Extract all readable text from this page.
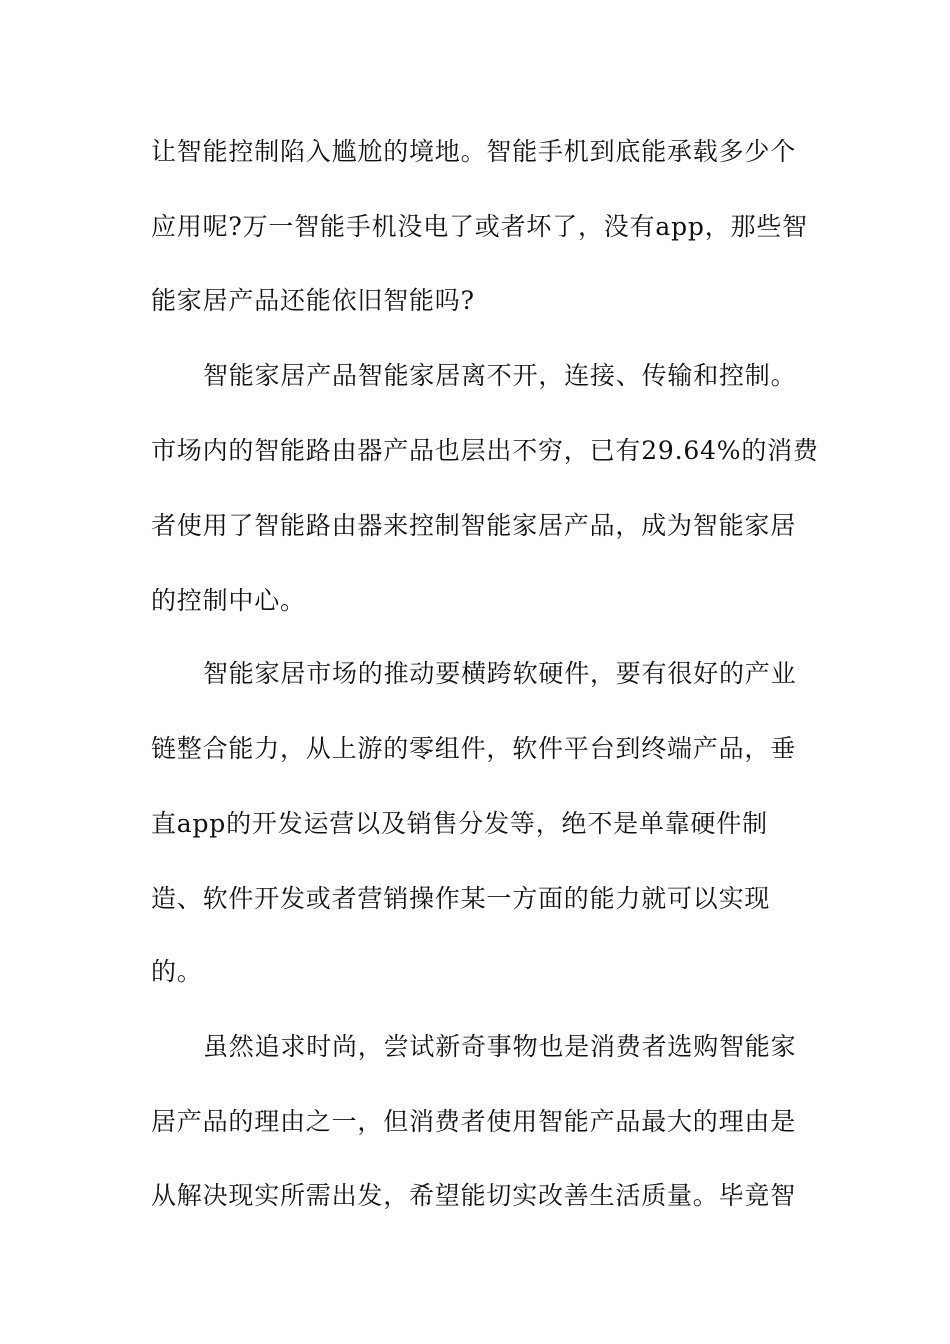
让智能控制陷入尴尬的境地。智能手机到底能承载多少个
应用呢?万一智能手机没电了或者坏了，没有app，那些智
能家居产品还能依旧智能吗?
智能家居产品智能家居离不开，连接、传输和控制。
市场内的智能路由器产品也层出不穷，已有29.64%的消费
者使用了智能路由器来控制智能家居产品，成为智能家居
的控制中心。
智能家居市场的推动要横跨软硬件，要有很好的产业
链整合能力，从上游的零组件，软件平台到终端产品，垂
直app的开发运营以及销售分发等，绝不是单靠硬件制
造、软件开发或者营销操作某一方面的能力就可以实现
的。
虽然追求时尚，尝试新奇事物也是消费者选购智能家
居产品的理由之一，但消费者使用智能产品最大的理由是
从解决现实所需出发，希望能切实改善生活质量。毕竟智
